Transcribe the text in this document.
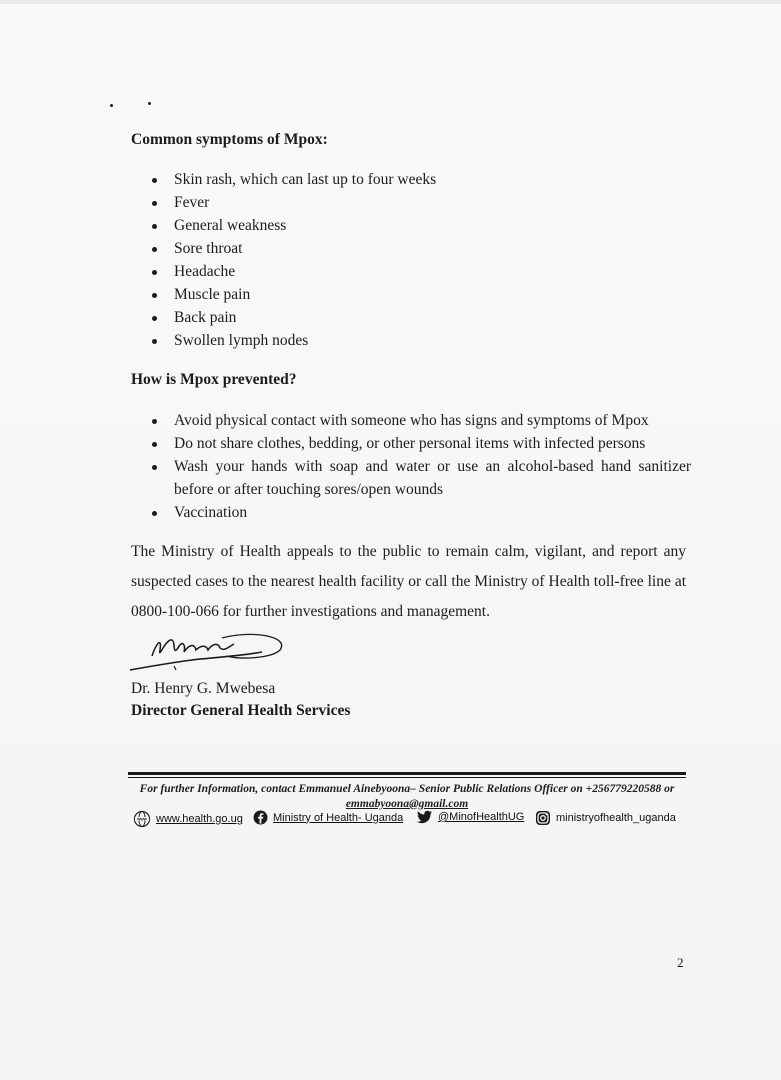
Common symptoms of Mpox:
Skin rash, which can last up to four weeks
Fever
General weakness
Sore throat
Headache
Muscle pain
Back pain
Swollen lymph nodes
How is Mpox prevented?
Avoid physical contact with someone who has signs and symptoms of Mpox
Do not share clothes, bedding, or other personal items with infected persons
Wash your hands with soap and water or use an alcohol-based hand sanitizer before or after touching sores/open wounds
Vaccination

The Ministry of Health appeals to the public to remain calm, vigilant, and report any suspected cases to the nearest health facility or call the Ministry of Health toll-free line at 0800-100-066 for further investigations and management.

Dr. Henry G. Mwebesa
Director General Health Services

For further Information, contact Emmanuel Ainebyoona– Senior Public Relations Officer on +256779220588 or
emmabyoona@gmail.com

www www.health.go.ug	Ministry of Health- Uganda	@MinofHealthUG	ministryofhealth_uganda
2
